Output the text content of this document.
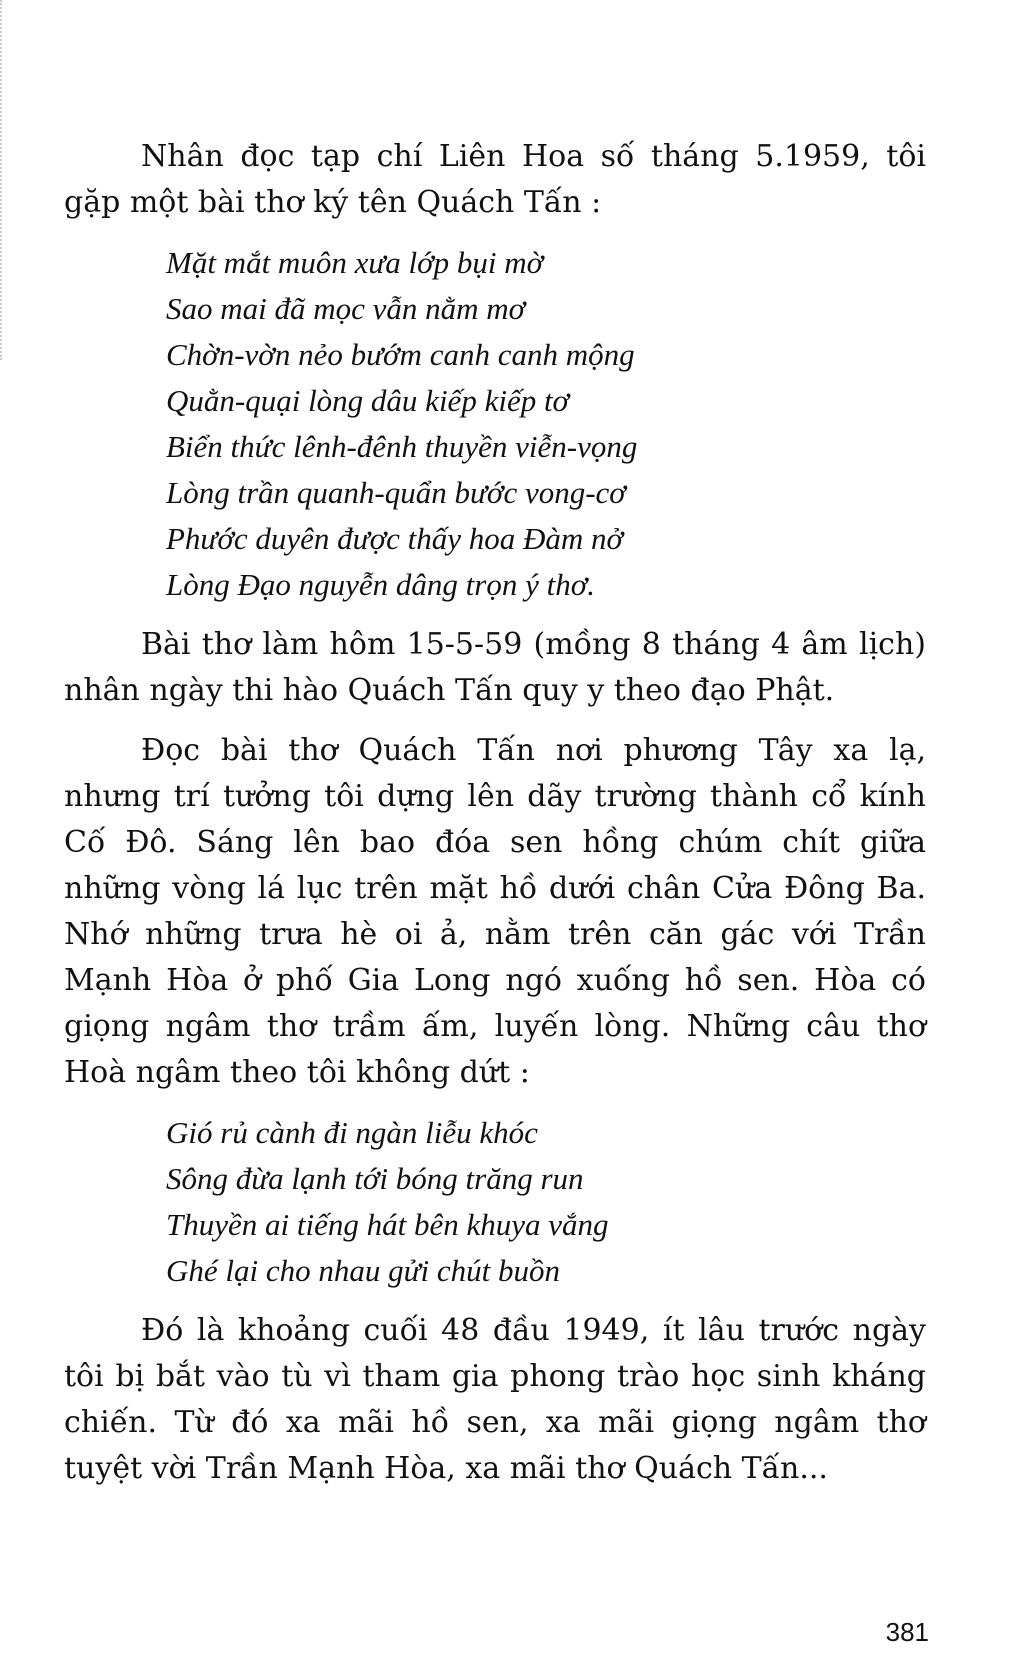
Nhân đọc tạp chí Liên Hoa số tháng 5.1959, tôi gặp một bài thơ ký tên Quách Tấn :

Mặt mắt muôn xưa lớp bụi mờ
Sao mai đã mọc vẫn nằm mơ
Chờn-vờn nẻo bướm canh canh mộng
Quằn-quại lòng dâu kiếp kiếp tơ
Biển thức lênh-đênh thuyền viễn-vọng
Lòng trần quanh-quẩn bước vong-cơ
Phước duyên được thấy hoa Đàm nở
Lòng Đạo nguyễn dâng trọn ý thơ.

Bài thơ làm hôm 15-5-59 (mồng 8 tháng 4 âm lịch) nhân ngày thi hào Quách Tấn quy y theo đạo Phật.

Đọc bài thơ Quách Tấn nơi phương Tây xa lạ, nhưng trí tưởng tôi dựng lên dãy trường thành cổ kính Cố Đô. Sáng lên bao đóa sen hồng chúm chít giữa những vòng lá lục trên mặt hồ dưới chân Cửa Đông Ba. Nhớ những trưa hè oi ả, nằm trên căn gác với Trần Mạnh Hòa ở phố Gia Long ngó xuống hồ sen. Hòa có giọng ngâm thơ trầm ấm, luyến lòng. Những câu thơ Hoà ngâm theo tôi không dứt :

Gió rủ cành đi ngàn liễu khóc
Sông đừa lạnh tới bóng trăng run
Thuyền ai tiếng hát bên khuya vắng
Ghé lại cho nhau gửi chút buồn

Đó là khoảng cuối 48 đầu 1949, ít lâu trước ngày tôi bị bắt vào tù vì tham gia phong trào học sinh kháng chiến. Từ đó xa mãi hồ sen, xa mãi giọng ngâm thơ tuyệt vời Trần Mạnh Hòa, xa mãi thơ Quách Tấn...

381
